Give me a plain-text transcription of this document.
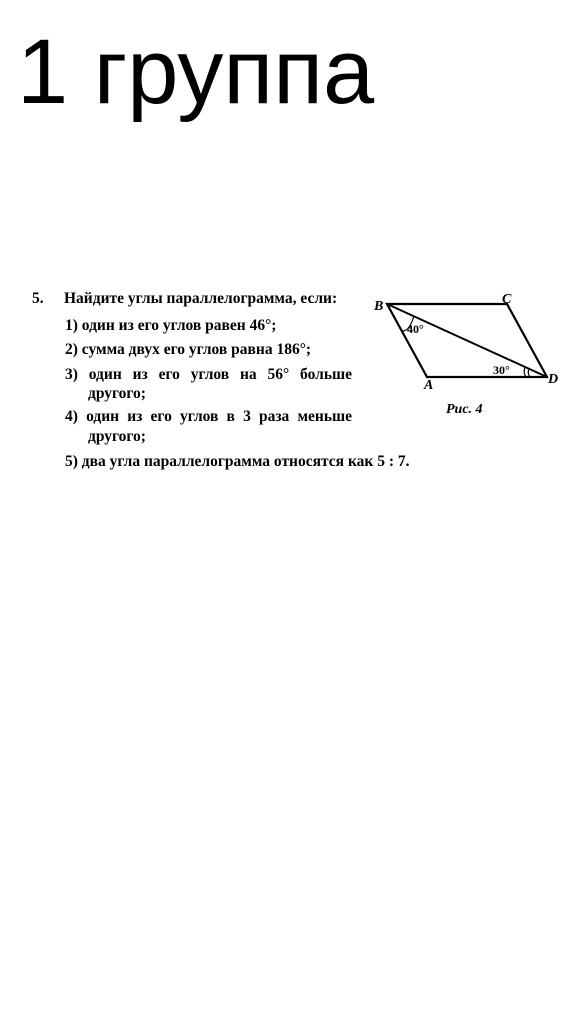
1 группа
5. Найдите углы параллелограмма, если:
1) один из его углов равен 46°;
2) сумма двух его углов равна 186°;
3) один из его углов на 56° больше
другого;
4) один из его углов в 3 раза меньше
другого;
5) два угла параллелограмма относятся как 5 : 7.
B	C
A	D
40°
30°
Рис. 4
